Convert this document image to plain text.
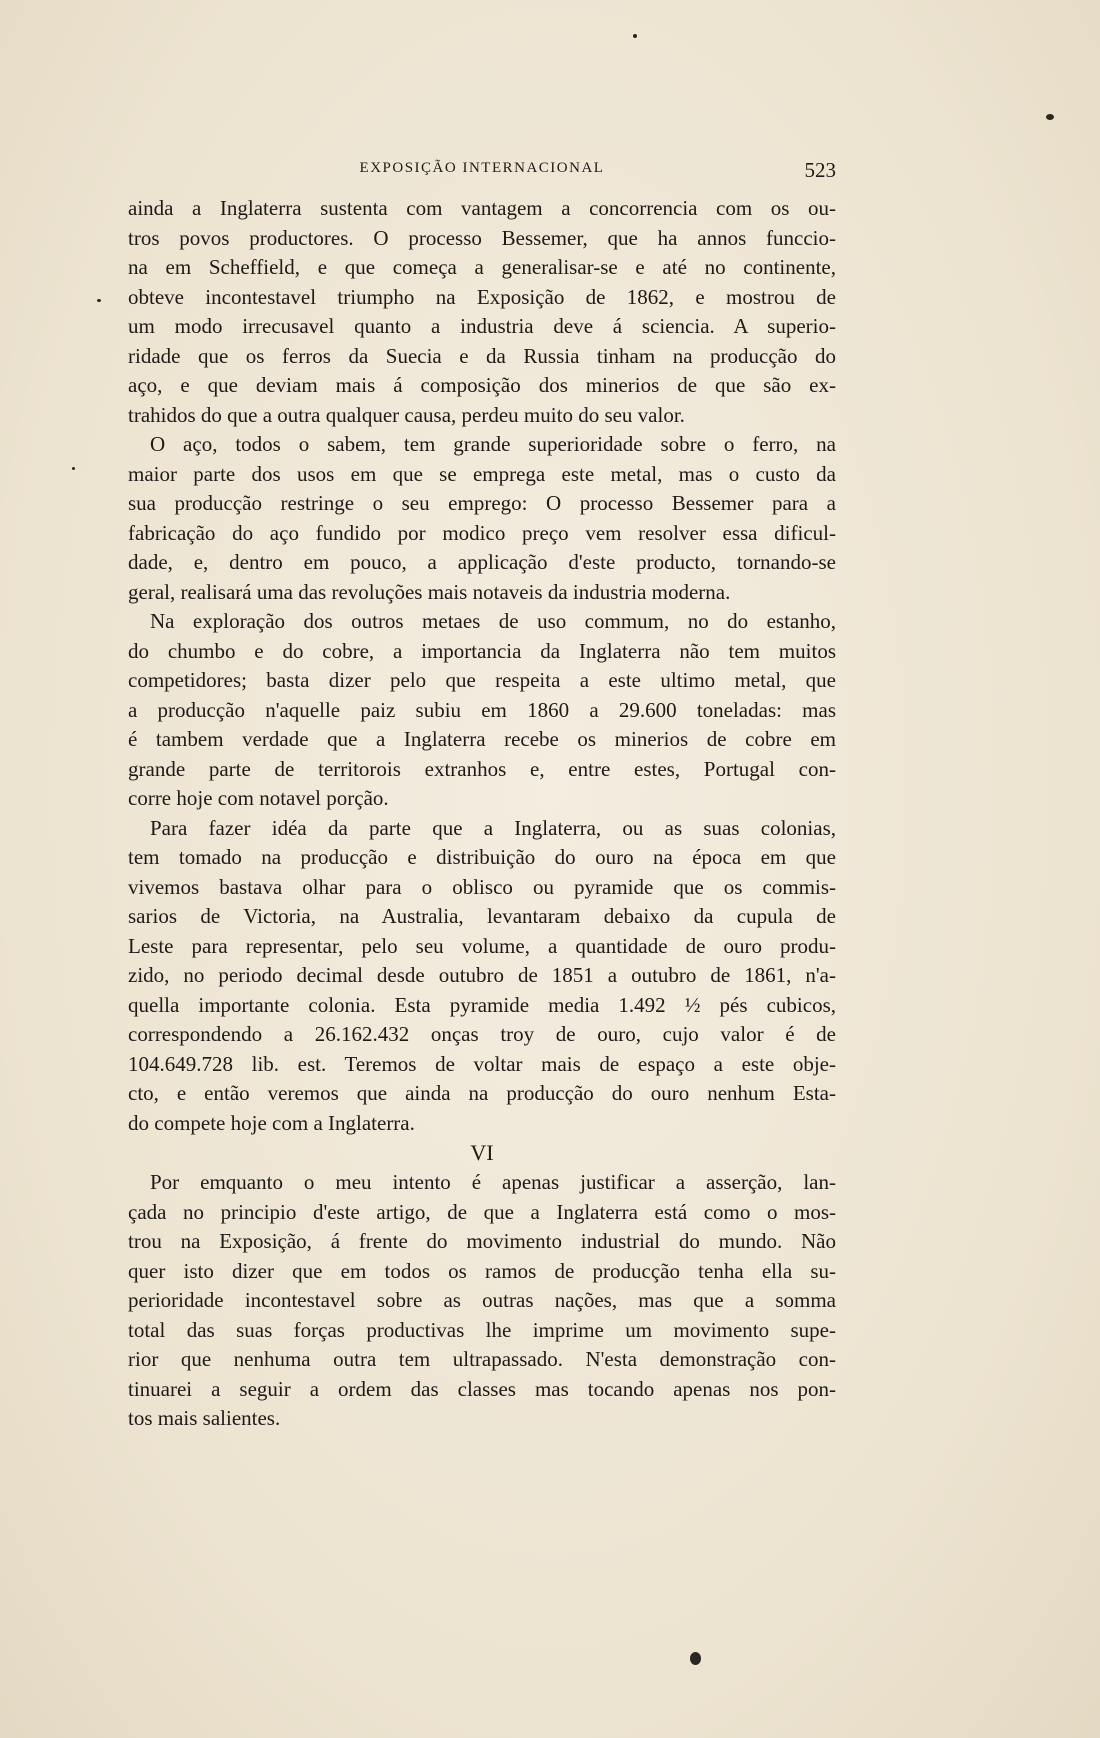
EXPOSIÇÃO INTERNACIONAL	523
ainda a Inglaterra sustenta com vantagem a concorrencia com os ou-
tros povos productores. O processo Bessemer, que ha annos funccio-
na em Scheffield, e que começa a generalisar-se e até no continente,
obteve incontestavel triumpho na Exposição de 1862, e mostrou de
um modo irrecusavel quanto a industria deve á sciencia. A superio-
ridade que os ferros da Suecia e da Russia tinham na producção do
aço, e que deviam mais á composição dos minerios de que são ex-
trahidos do que a outra qualquer causa, perdeu muito do seu valor.
O aço, todos o sabem, tem grande superioridade sobre o ferro, na
maior parte dos usos em que se emprega este metal, mas o custo da
sua producção restringe o seu emprego: O processo Bessemer para a
fabricação do aço fundido por modico preço vem resolver essa dificul-
dade, e, dentro em pouco, a applicação d'este producto, tornando-se
geral, realisará uma das revoluções mais notaveis da industria moderna.
Na exploração dos outros metaes de uso commum, no do estanho,
do chumbo e do cobre, a importancia da Inglaterra não tem muitos
competidores; basta dizer pelo que respeita a este ultimo metal, que
a producção n'aquelle paiz subiu em 1860 a 29.600 toneladas: mas
é tambem verdade que a Inglaterra recebe os minerios de cobre em
grande parte de territorois extranhos e, entre estes, Portugal con-
corre hoje com notavel porção.
Para fazer idéa da parte que a Inglaterra, ou as suas colonias,
tem tomado na producção e distribuição do ouro na época em que
vivemos bastava olhar para o oblisco ou pyramide que os commis-
sarios de Victoria, na Australia, levantaram debaixo da cupula de
Leste para representar, pelo seu volume, a quantidade de ouro produ-
zido, no periodo decimal desde outubro de 1851 a outubro de 1861, n'a-
quella importante colonia. Esta pyramide media 1.492 ½ pés cubicos,
correspondendo a 26.162.432 onças troy de ouro, cujo valor é de
104.649.728 lib. est. Teremos de voltar mais de espaço a este obje-
cto, e então veremos que ainda na producção do ouro nenhum Esta-
do compete hoje com a Inglaterra.
VI
Por emquanto o meu intento é apenas justificar a asserção, lan-
çada no principio d'este artigo, de que a Inglaterra está como o mos-
trou na Exposição, á frente do movimento industrial do mundo. Não
quer isto dizer que em todos os ramos de producção tenha ella su-
perioridade incontestavel sobre as outras nações, mas que a somma
total das suas forças productivas lhe imprime um movimento supe-
rior que nenhuma outra tem ultrapassado. N'esta demonstração con-
tinuarei a seguir a ordem das classes mas tocando apenas nos pon-
tos mais salientes.
